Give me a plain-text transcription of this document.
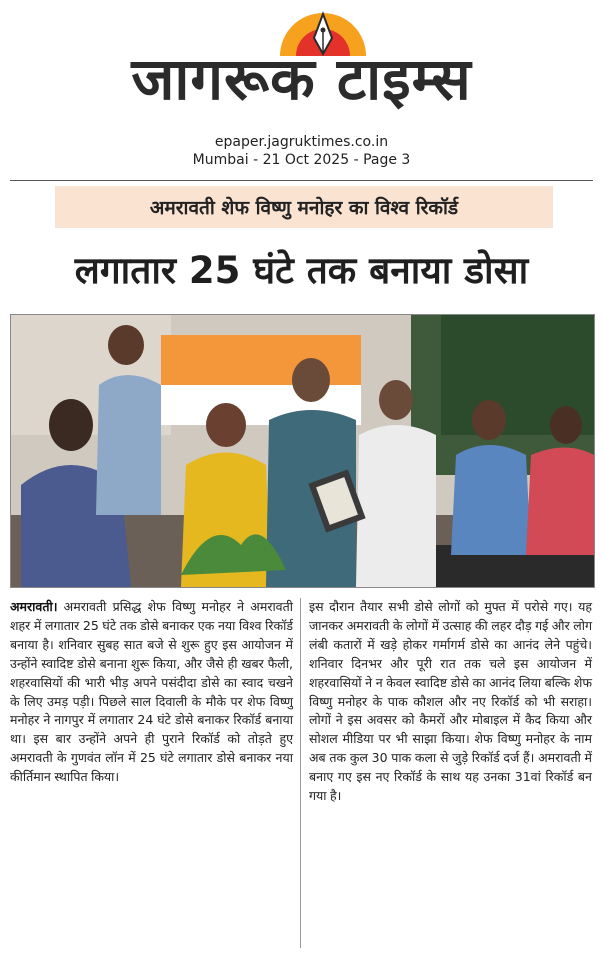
जागरूक टाइम्स
epaper.jagruktimes.co.in
Mumbai - 21 Oct 2025 - Page 3
अमरावती शेफ विष्णु मनोहर का विश्व रिकॉर्ड
लगातार 25 घंटे तक बनाया डोसा

अमरावती। अमरावती प्रसिद्ध शेफ विष्णु मनोहर ने अमरावती शहर में लगातार 25 घंटे तक डोसे बनाकर एक नया विश्व रिकॉर्ड बनाया है। शनिवार सुबह सात बजे से शुरू हुए इस आयोजन में उन्होंने स्वादिष्ट डोसे बनाना शुरू किया, और जैसे ही खबर फैली, शहरवासियों की भारी भीड़ अपने पसंदीदा डोसे का स्वाद चखने के लिए उमड़ पड़ी। पिछले साल दिवाली के मौके पर शेफ विष्णु मनोहर ने नागपुर में लगातार 24 घंटे डोसे बनाकर रिकॉर्ड बनाया था। इस बार उन्होंने अपने ही पुराने रिकॉर्ड को तोड़ते हुए अमरावती के गुणवंत लॉन में 25 घंटे लगातार डोसे बनाकर नया कीर्तिमान स्थापित किया।

इस दौरान तैयार सभी डोसे लोगों को मुफ्त में परोसे गए। यह जानकर अमरावती के लोगों में उत्साह की लहर दौड़ गई और लोग लंबी कतारों में खड़े होकर गर्मागर्म डोसे का आनंद लेने पहुंचे। शनिवार दिनभर और पूरी रात तक चले इस आयोजन में शहरवासियों ने न केवल स्वादिष्ट डोसे का आनंद लिया बल्कि शेफ विष्णु मनोहर के पाक कौशल और नए रिकॉर्ड को भी सराहा। लोगों ने इस अवसर को कैमरों और मोबाइल में कैद किया और सोशल मीडिया पर भी साझा किया। शेफ विष्णु मनोहर के नाम अब तक कुल 30 पाक कला से जुड़े रिकॉर्ड दर्ज हैं। अमरावती में बनाए गए इस नए रिकॉर्ड के साथ यह उनका 31वां रिकॉर्ड बन गया है।
